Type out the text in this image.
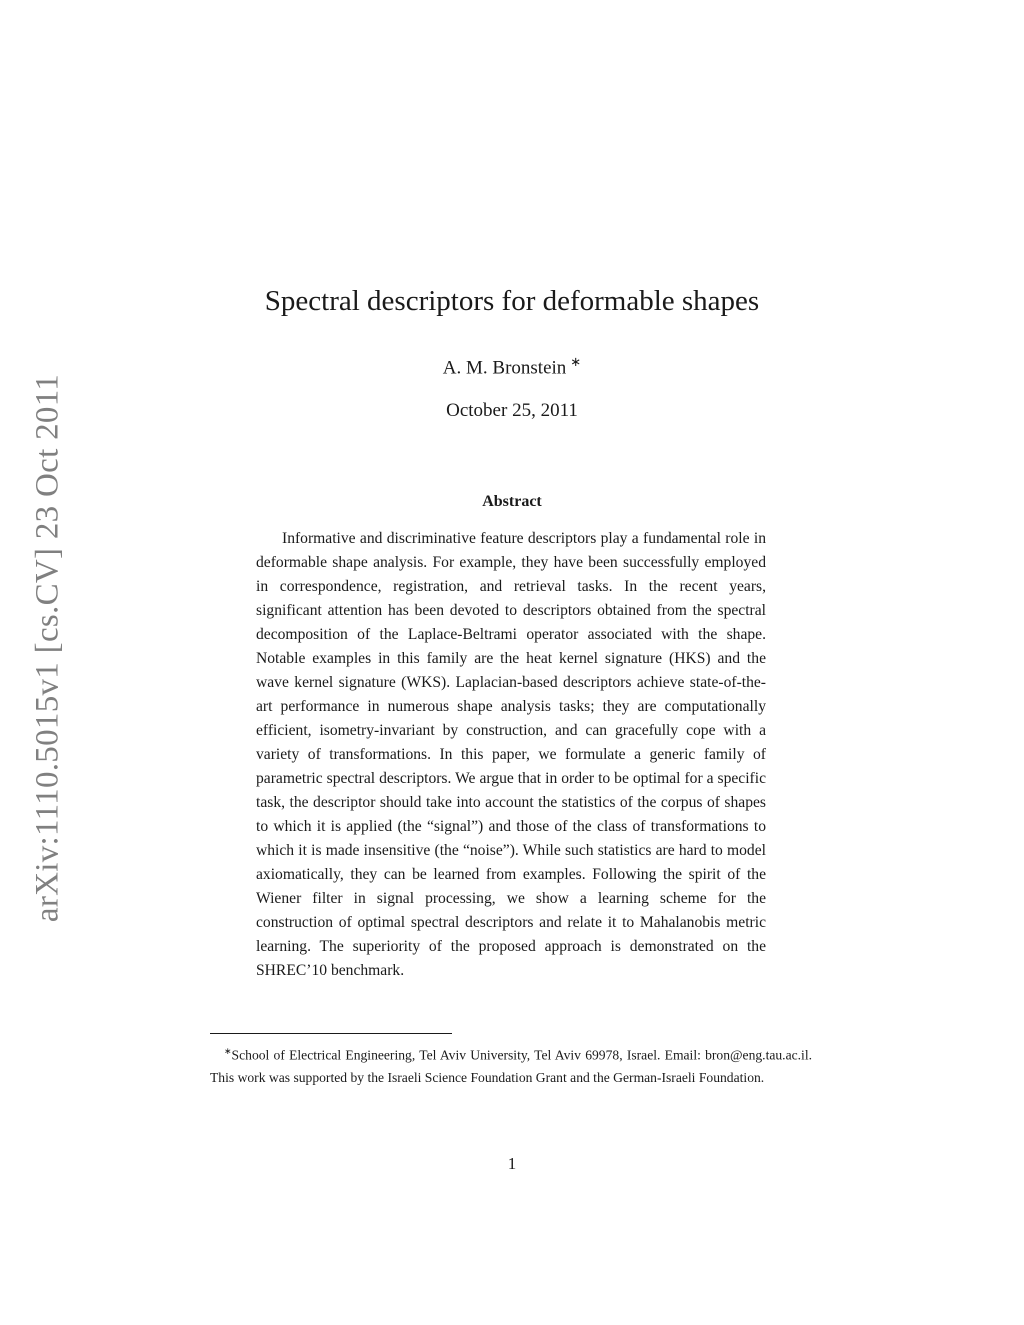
arXiv:1110.5015v1 [cs.CV] 23 Oct 2011
Spectral descriptors for deformable shapes
A. M. Bronstein ∗
October 25, 2011
Abstract

Informative and discriminative feature descriptors play a fundamental role in deformable shape analysis. For example, they have been successfully employed in correspondence, registration, and retrieval tasks. In the recent years, significant attention has been devoted to descriptors obtained from the spectral decomposition of the Laplace-Beltrami operator associated with the shape. Notable examples in this family are the heat kernel signature (HKS) and the wave kernel signature (WKS). Laplacian-based descriptors achieve state-of-the-art performance in numerous shape analysis tasks; they are computationally efficient, isometry-invariant by construction, and can gracefully cope with a variety of transformations. In this paper, we formulate a generic family of parametric spectral descriptors. We argue that in order to be optimal for a specific task, the descriptor should take into account the statistics of the corpus of shapes to which it is applied (the “signal”) and those of the class of transformations to which it is made insensitive (the “noise”). While such statistics are hard to model axiomatically, they can be learned from examples. Following the spirit of the Wiener filter in signal processing, we show a learning scheme for the construction of optimal spectral descriptors and relate it to Mahalanobis metric learning. The superiority of the proposed approach is demonstrated on the SHREC’10 benchmark.

∗School of Electrical Engineering, Tel Aviv University, Tel Aviv 69978, Israel. Email: bron@eng.tau.ac.il. This work was supported by the Israeli Science Foundation Grant and the German-Israeli Foundation.

1
